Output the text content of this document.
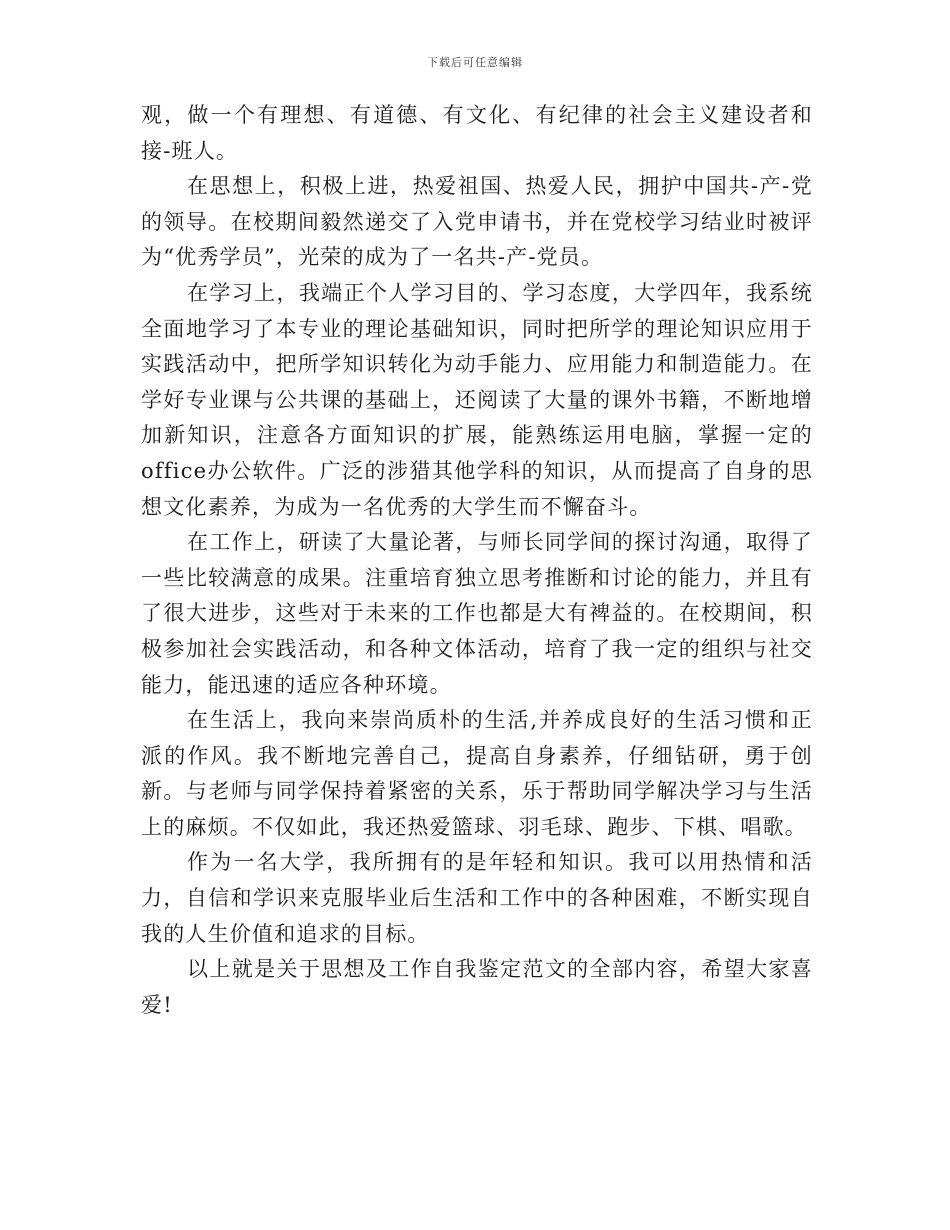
下载后可任意编辑

观，做一个有理想、有道德、有文化、有纪律的社会主义建设者和接-班人。

在思想上，积极上进，热爱祖国、热爱人民，拥护中国共-产-党的领导。在校期间毅然递交了入党申请书，并在党校学习结业时被评为“优秀学员”，光荣的成为了一名共-产-党员。

在学习上，我端正个人学习目的、学习态度，大学四年，我系统全面地学习了本专业的理论基础知识，同时把所学的理论知识应用于实践活动中，把所学知识转化为动手能力、应用能力和制造能力。在学好专业课与公共课的基础上，还阅读了大量的课外书籍，不断地增加新知识，注意各方面知识的扩展，能熟练运用电脑，掌握一定的office办公软件。广泛的涉猎其他学科的知识，从而提高了自身的思想文化素养，为成为一名优秀的大学生而不懈奋斗。

在工作上，研读了大量论著，与师长同学间的探讨沟通，取得了一些比较满意的成果。注重培育独立思考推断和讨论的能力，并且有了很大进步，这些对于未来的工作也都是大有裨益的。在校期间，积极参加社会实践活动，和各种文体活动，培育了我一定的组织与社交能力，能迅速的适应各种环境。

在生活上，我向来崇尚质朴的生活,并养成良好的生活习惯和正派的作风。我不断地完善自己，提高自身素养，仔细钻研，勇于创新。与老师与同学保持着紧密的关系，乐于帮助同学解决学习与生活上的麻烦。不仅如此，我还热爱篮球、羽毛球、跑步、下棋、唱歌。

作为一名大学，我所拥有的是年轻和知识。我可以用热情和活力，自信和学识来克服毕业后生活和工作中的各种困难，不断实现自我的人生价值和追求的目标。

以上就是关于思想及工作自我鉴定范文的全部内容，希望大家喜爱!
